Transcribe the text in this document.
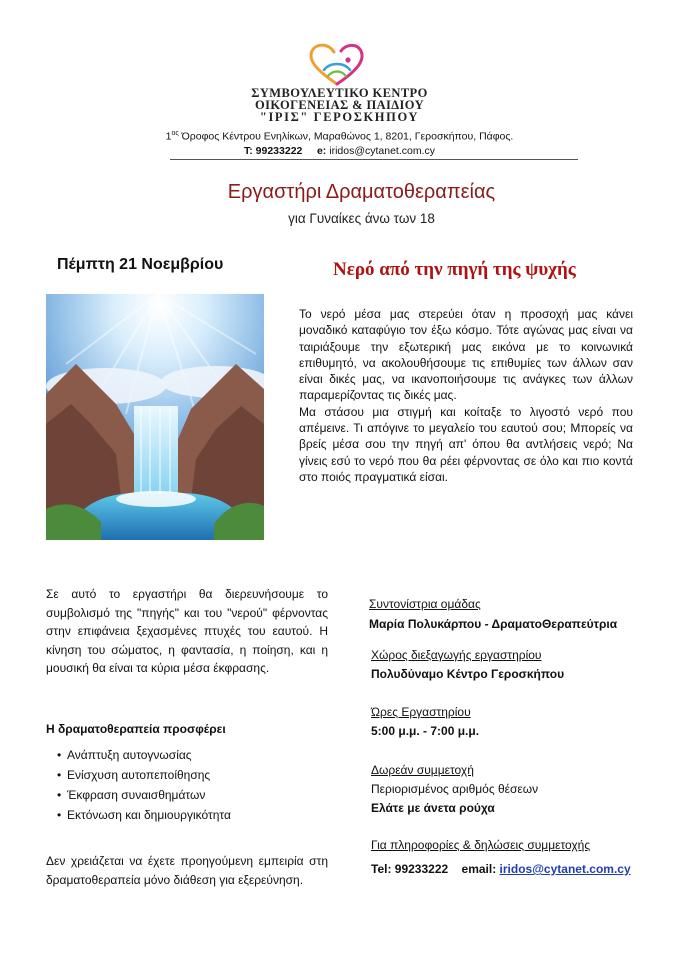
ΣΥΜΒΟΥΛΕΥΤΙΚΟ ΚΕΝΤΡΟ
ΟΙΚΟΓΕΝΕΙΑΣ & ΠΑΙΔΙΟΥ
"ΙΡΙΣ" ΓΕΡΟΣΚΗΠΟΥ
$1^{o\varsigma}$ Όροφος Κέντρου Ενηλίκων, Μαραθώνος 1, 8201, Γεροσκήπου, Πάφος.
T: 99233222 e: iridos@cytanet.com.cy
Εργαστήρι Δραματοθεραπείας
για Γυναίκες άνω των 18
Πέμπτη 21 Νοεμβρίου	Νερό από την πηγή της ψυχής

Το νερό μέσα μας στερεύει όταν η προσοχή μας κάνει μοναδικό καταφύγιο τον έξω κόσμο. Τότε αγώνας μας είναι να ταιριάξουμε την εξωτερική μας εικόνα με το κοινωνικά επιθυμητό, να ακολουθήσουμε τις επιθυμίες των άλλων σαν είναι δικές μας, να ικανοποιήσουμε τις ανάγκες των άλλων παραμερίζοντας τις δικές μας.

Μα στάσου μια στιγμή και κοίταξε το λιγοστό νερό που απέμεινε. Τι απόγινε το μεγαλείο του εαυτού σου; Μπορείς να βρείς μέσα σου την πηγή απ' όπου θα αντλήσεις νερό; Να γίνεις εσύ το νερό που θα ρέει φέρνοντας σε όλο και πιο κοντά στο ποιός πραγματικά είσαι.

Σε αυτό το εργαστήρι θα διερευνήσουμε το συμβολισμό της "πηγής" και του "νερού" φέρνοντας στην επιφάνεια ξεχασμένες πτυχές του εαυτού. Η κίνηση του σώματος, η φαντασία, η ποίηση, και η μουσική θα είναι τα κύρια μέσα έκφρασης.
Η δραματοθεραπεία προσφέρει
• Ανάπτυξη αυτογνωσίας
• Ενίσχυση αυτοπεποίθησης
• Έκφραση συναισθημάτων
• Εκτόνωση και δημιουργικότητα
Δεν χρειάζεται να έχετε προηγούμενη εμπειρία στη δραματοθεραπεία μόνο διάθεση για εξερεύνηση.
Συντονίστρια ομάδας
Μαρία Πολυκάρπου - ΔραματοΘεραπεύτρια
Χώρος διεξαγωγής εργαστηρίου
Πολυδύναμο Κέντρο Γεροσκήπου
Ώρες Εργαστηρίου
5:00 μ.μ. - 7:00 μ.μ.
Δωρεάν συμμετοχή
Περιορισμένος αριθμός θέσεων
Ελάτε με άνετα ρούχα
Για πληροφορίες & δηλώσεις συμμετοχής
Tel: 99233222 email: iridos@cytanet.com.cy
